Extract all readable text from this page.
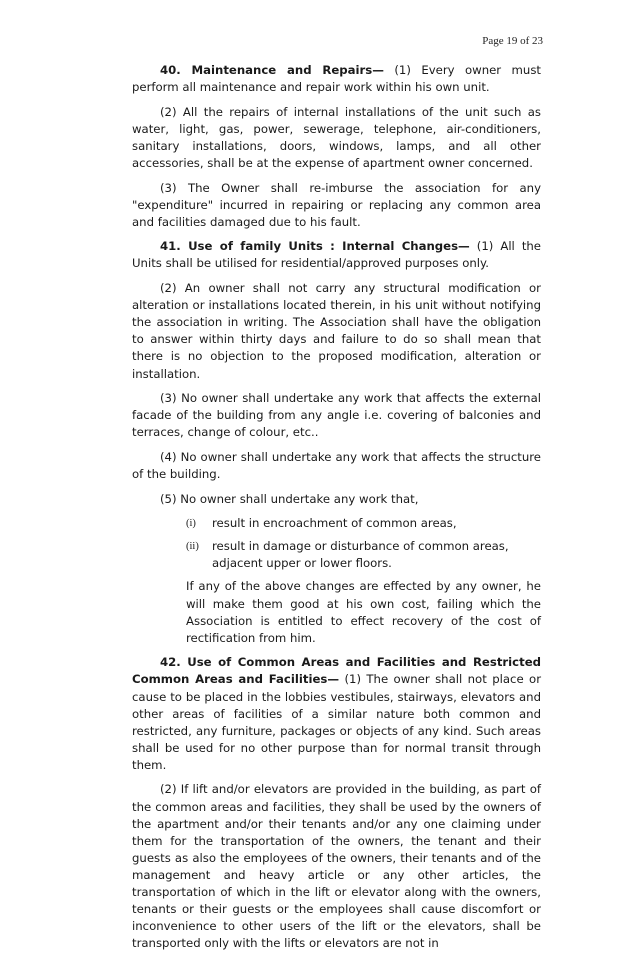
Page 19 of 23

40. Maintenance and Repairs— (1) Every owner must perform all maintenance and repair work within his own unit.

(2) All the repairs of internal installations of the unit such as water, light, gas, power, sewerage, telephone, air-conditioners, sanitary installations, doors, windows, lamps, and all other accessories, shall be at the expense of apartment owner concerned.

(3) The Owner shall re-imburse the association for any "expenditure" incurred in repairing or replacing any common area and facilities damaged due to his fault.

41. Use of family Units : Internal Changes— (1) All the Units shall be utilised for residential/approved purposes only.

(2) An owner shall not carry any structural modification or alteration or installations located therein, in his unit without notifying the association in writing. The Association shall have the obligation to answer within thirty days and failure to do so shall mean that there is no objection to the proposed modification, alteration or installation.

(3) No owner shall undertake any work that affects the external facade of the building from any angle i.e. covering of balconies and terraces, change of colour, etc..

(4) No owner shall undertake any work that affects the structure of the building.

(5) No owner shall undertake any work that,

(i)	result in encroachment of common areas,
(ii)	result in damage or disturbance of common areas, adjacent upper or lower floors.

If any of the above changes are effected by any owner, he will make them good at his own cost, failing which the Association is entitled to effect recovery of the cost of rectification from him.

42. Use of Common Areas and Facilities and Restricted Common Areas and Facilities— (1) The owner shall not place or cause to be placed in the lobbies vestibules, stairways, elevators and other areas of facilities of a similar nature both common and restricted, any furniture, packages or objects of any kind. Such areas shall be used for no other purpose than for normal transit through them.

(2) If lift and/or elevators are provided in the building, as part of the common areas and facilities, they shall be used by the owners of the apartment and/or their tenants and/or any one claiming under them for the transportation of the owners, the tenant and their guests as also the employees of the owners, their tenants and of the management and heavy article or any other articles, the transportation of which in the lift or elevator along with the owners, tenants or their guests or the employees shall cause discomfort or inconvenience to other users of the lift or the elevators, shall be transported only with the lifts or elevators are not in
